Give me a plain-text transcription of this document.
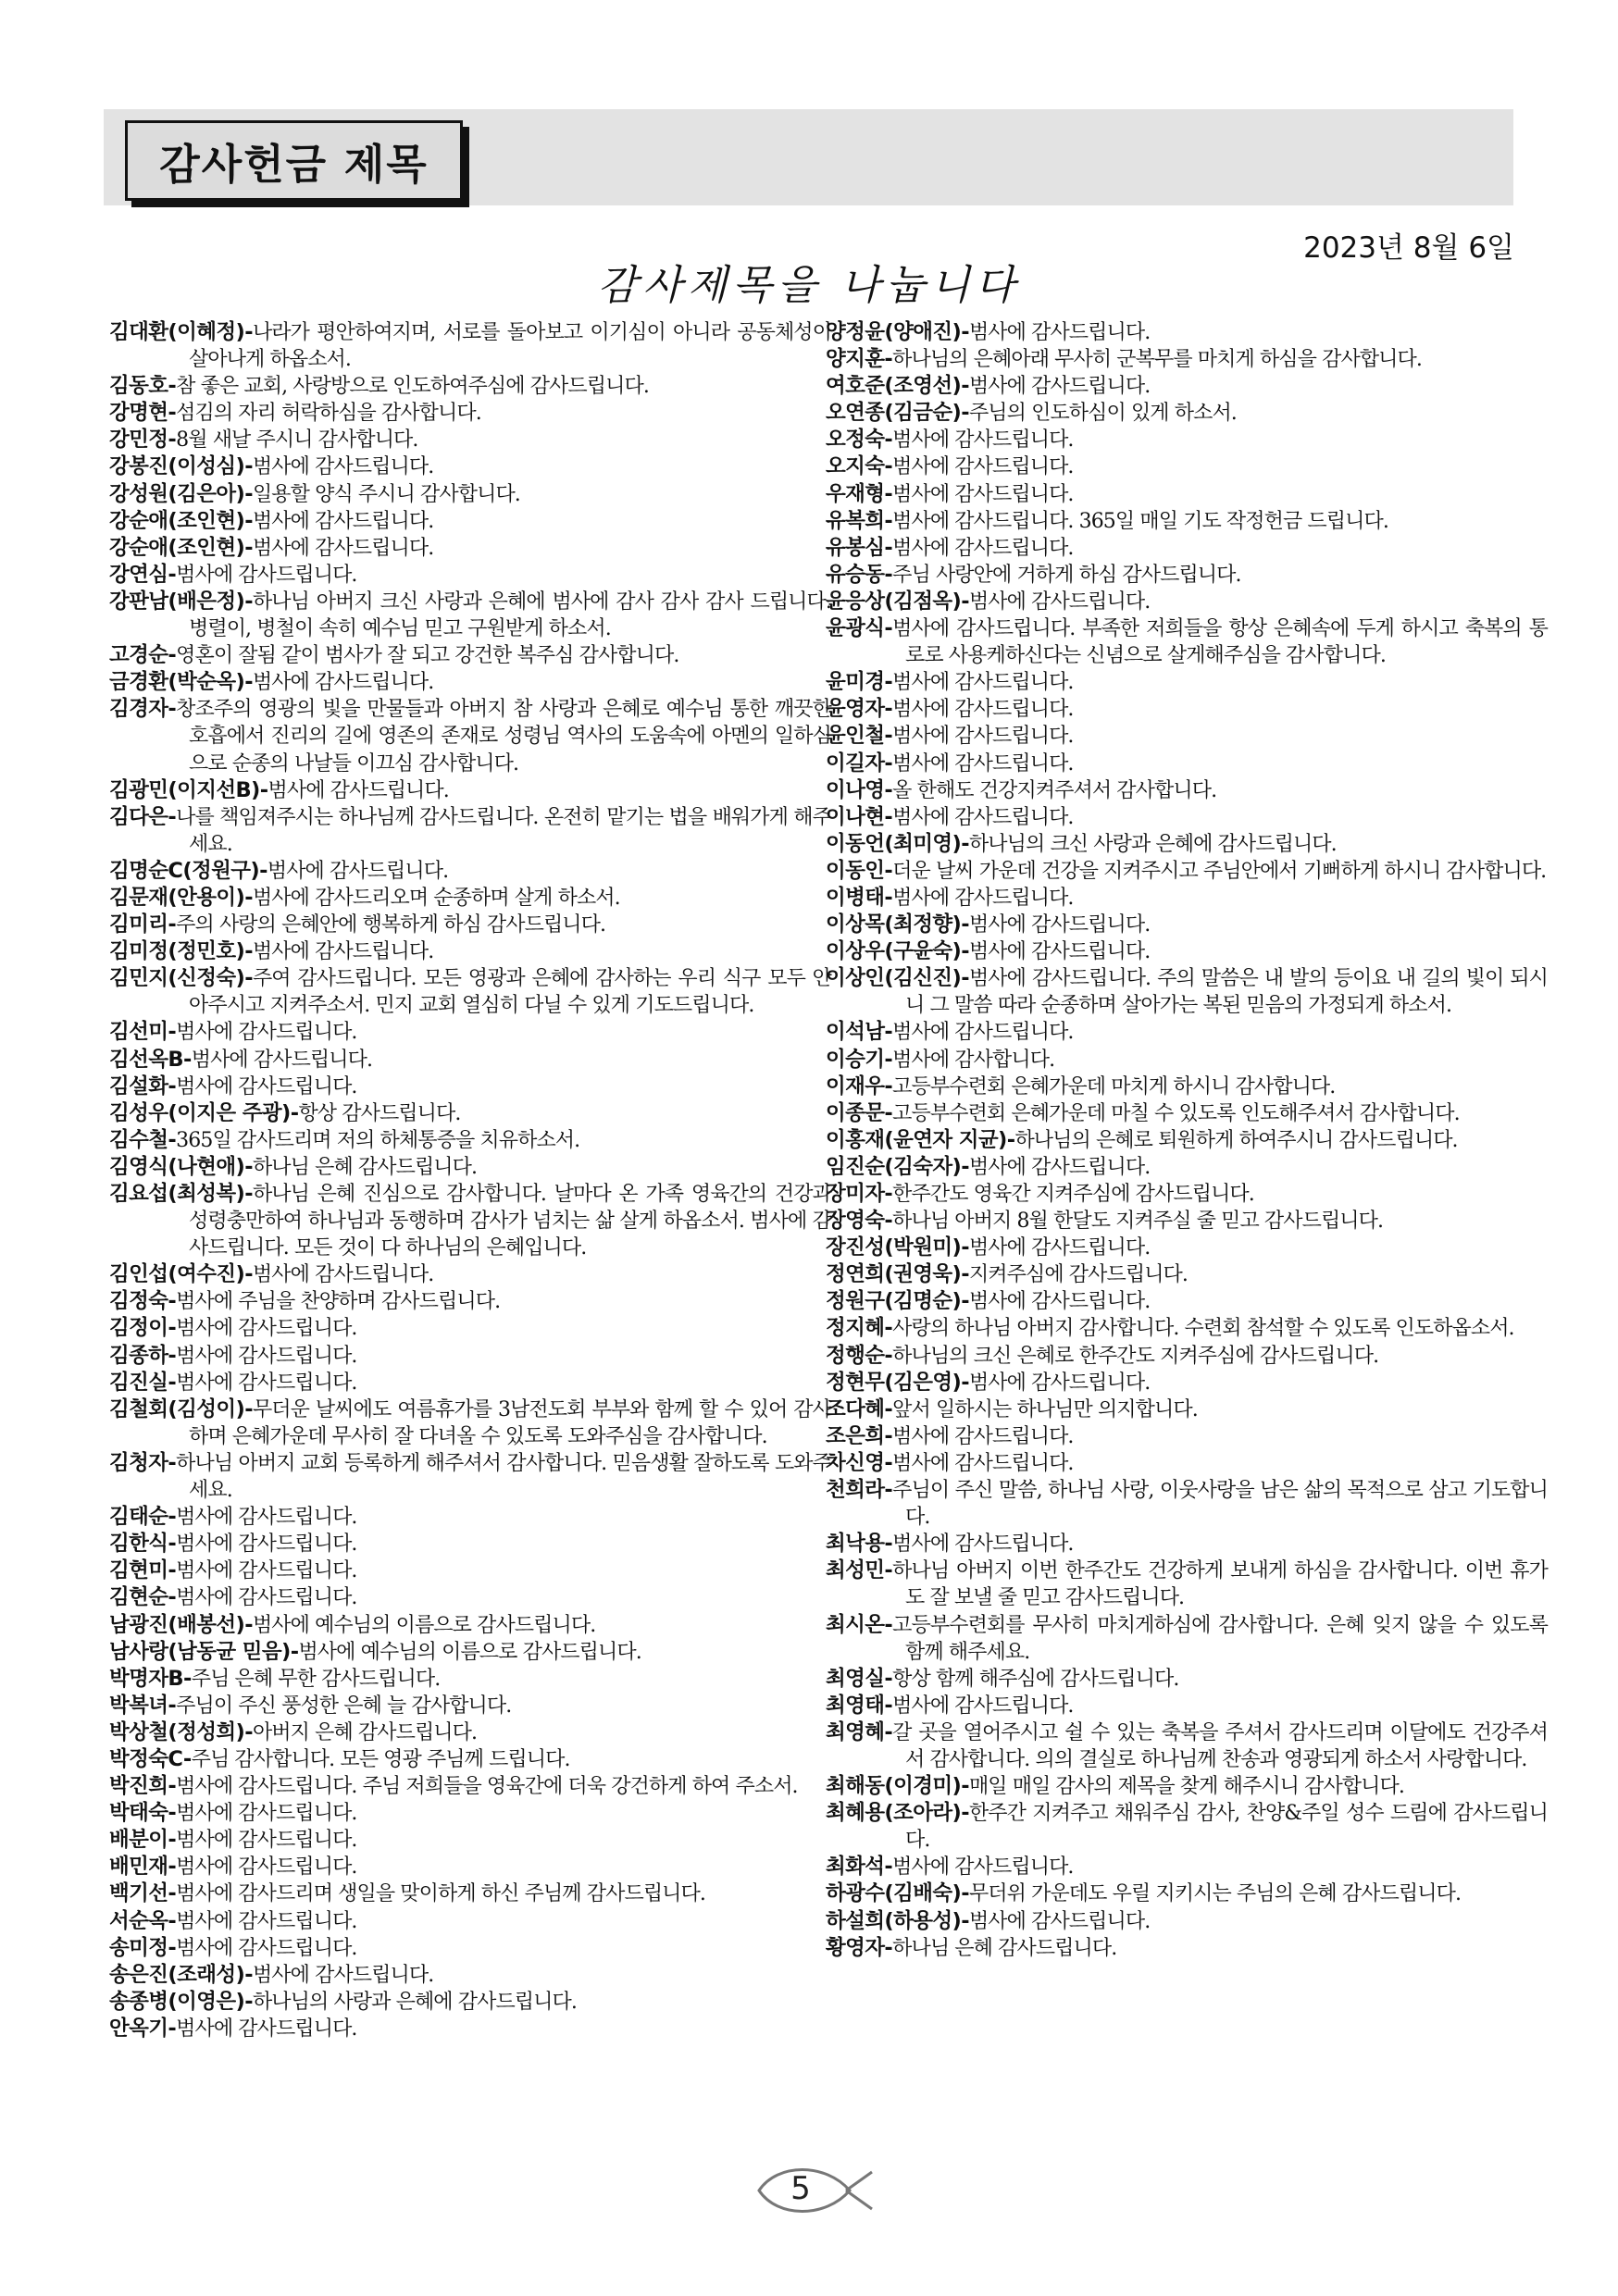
감사헌금 제목
2023년 8월 6일
감사제목을 나눕니다
김대환(이혜정)-나라가 평안하여지며, 서로를 돌아보고 이기심이 아니라 공동체성이 살아나게 하옵소서.
김동호-참 좋은 교회, 사랑방으로 인도하여주심에 감사드립니다.
강명현-섬김의 자리 허락하심을 감사합니다.
강민정-8월 새날 주시니 감사합니다.
강봉진(이성심)-범사에 감사드립니다.
강성원(김은아)-일용할 양식 주시니 감사합니다.
강순애(조인현)-범사에 감사드립니다.
강순애(조인현)-범사에 감사드립니다.
강연심-범사에 감사드립니다.
강판남(배은정)-하나님 아버지 크신 사랑과 은혜에 범사에 감사 감사 감사 드립니다. 병렬이, 병철이 속히 예수님 믿고 구원받게 하소서.
고경순-영혼이 잘됨 같이 범사가 잘 되고 강건한 복주심 감사합니다.
금경환(박순옥)-범사에 감사드립니다.
김경자-창조주의 영광의 빛을 만물들과 아버지 참 사랑과 은혜로 예수님 통한 깨끗한 호흡에서 진리의 길에 영존의 존재로 성령님 역사의 도움속에 아멘의 일하심으로 순종의 나날들 이끄심 감사합니다.
김광민(이지선B)-범사에 감사드립니다.
김다은-나를 책임져주시는 하나님께 감사드립니다. 온전히 맡기는 법을 배워가게 해주세요.
김명순C(정원구)-범사에 감사드립니다.
김문재(안용이)-범사에 감사드리오며 순종하며 살게 하소서.
김미리-주의 사랑의 은혜안에 행복하게 하심 감사드립니다.
김미정(정민호)-범사에 감사드립니다.
김민지(신정숙)-주여 감사드립니다. 모든 영광과 은혜에 감사하는 우리 식구 모두 안아주시고 지켜주소서. 민지 교회 열심히 다닐 수 있게 기도드립니다.
김선미-범사에 감사드립니다.
김선옥B-범사에 감사드립니다.
김설화-범사에 감사드립니다.
김성우(이지은 주광)-항상 감사드립니다.
김수철-365일 감사드리며 저의 하체통증을 치유하소서.
김영식(나현애)-하나님 은혜 감사드립니다.
김요섭(최성복)-하나님 은혜 진심으로 감사합니다. 날마다 온 가족 영육간의 건강과 성령충만하여 하나님과 동행하며 감사가 넘치는 삶 살게 하옵소서. 범사에 감사드립니다. 모든 것이 다 하나님의 은혜입니다.
김인섭(여수진)-범사에 감사드립니다.
김정숙-범사에 주님을 찬양하며 감사드립니다.
김정이-범사에 감사드립니다.
김종하-범사에 감사드립니다.
김진실-범사에 감사드립니다.
김철회(김성이)-무더운 날씨에도 여름휴가를 3남전도회 부부와 함께 할 수 있어 감사하며 은혜가운데 무사히 잘 다녀올 수 있도록 도와주심을 감사합니다.
김청자-하나님 아버지 교회 등록하게 해주셔서 감사합니다. 믿음생활 잘하도록 도와주세요.
김태순-범사에 감사드립니다.
김한식-범사에 감사드립니다.
김현미-범사에 감사드립니다.
김현순-범사에 감사드립니다.
남광진(배봉선)-범사에 예수님의 이름으로 감사드립니다.
남사랑(남동균 믿음)-범사에 예수님의 이름으로 감사드립니다.
박명자B-주님 은혜 무한 감사드립니다.
박복녀-주님이 주신 풍성한 은혜 늘 감사합니다.
박상철(정성희)-아버지 은혜 감사드립니다.
박정숙C-주님 감사합니다. 모든 영광 주님께 드립니다.
박진희-범사에 감사드립니다. 주님 저희들을 영육간에 더욱 강건하게 하여 주소서.
박태숙-범사에 감사드립니다.
배분이-범사에 감사드립니다.
배민재-범사에 감사드립니다.
백기선-범사에 감사드리며 생일을 맞이하게 하신 주님께 감사드립니다.
서순옥-범사에 감사드립니다.
송미정-범사에 감사드립니다.
송은진(조래성)-범사에 감사드립니다.
송종병(이영은)-하나님의 사랑과 은혜에 감사드립니다.
안옥기-범사에 감사드립니다.
양정윤(양애진)-범사에 감사드립니다.
양지훈-하나님의 은혜아래 무사히 군복무를 마치게 하심을 감사합니다.
여호준(조영선)-범사에 감사드립니다.
오연종(김금순)-주님의 인도하심이 있게 하소서.
오정숙-범사에 감사드립니다.
오지숙-범사에 감사드립니다.
우재형-범사에 감사드립니다.
유복희-범사에 감사드립니다. 365일 매일 기도 작정헌금 드립니다.
유봉심-범사에 감사드립니다.
유승동-주님 사랑안에 거하게 하심 감사드립니다.
윤응상(김점옥)-범사에 감사드립니다.
윤광식-범사에 감사드립니다. 부족한 저희들을 항상 은혜속에 두게 하시고 축복의 통로로 사용케하신다는 신념으로 살게해주심을 감사합니다.
윤미경-범사에 감사드립니다.
윤영자-범사에 감사드립니다.
윤인철-범사에 감사드립니다.
이길자-범사에 감사드립니다.
이나영-올 한해도 건강지켜주셔서 감사합니다.
이나현-범사에 감사드립니다.
이동언(최미영)-하나님의 크신 사랑과 은혜에 감사드립니다.
이동인-더운 날씨 가운데 건강을 지켜주시고 주님안에서 기뻐하게 하시니 감사합니다.
이병태-범사에 감사드립니다.
이상목(최정향)-범사에 감사드립니다.
이상우(구윤숙)-범사에 감사드립니다.
이상인(김신진)-범사에 감사드립니다. 주의 말씀은 내 발의 등이요 내 길의 빛이 되시니 그 말씀 따라 순종하며 살아가는 복된 믿음의 가정되게 하소서.
이석남-범사에 감사드립니다.
이승기-범사에 감사합니다.
이재우-고등부수련회 은혜가운데 마치게 하시니 감사합니다.
이종문-고등부수련회 은혜가운데 마칠 수 있도록 인도해주셔서 감사합니다.
이홍재(윤연자 지균)-하나님의 은혜로 퇴원하게 하여주시니 감사드립니다.
임진순(김숙자)-범사에 감사드립니다.
장미자-한주간도 영육간 지켜주심에 감사드립니다.
장영숙-하나님 아버지 8월 한달도 지켜주실 줄 믿고 감사드립니다.
장진성(박원미)-범사에 감사드립니다.
정연희(권영욱)-지켜주심에 감사드립니다.
정원구(김명순)-범사에 감사드립니다.
정지혜-사랑의 하나님 아버지 감사합니다. 수련회 참석할 수 있도록 인도하옵소서.
정행순-하나님의 크신 은혜로 한주간도 지켜주심에 감사드립니다.
정현무(김은영)-범사에 감사드립니다.
조다혜-앞서 일하시는 하나님만 의지합니다.
조은희-범사에 감사드립니다.
차신영-범사에 감사드립니다.
천희라-주님이 주신 말씀, 하나님 사랑, 이웃사랑을 남은 삶의 목적으로 삼고 기도합니다.
최낙용-범사에 감사드립니다.
최성민-하나님 아버지 이번 한주간도 건강하게 보내게 하심을 감사합니다. 이번 휴가도 잘 보낼 줄 믿고 감사드립니다.
최시온-고등부수련회를 무사히 마치게하심에 감사합니다. 은혜 잊지 않을 수 있도록 함께 해주세요.
최영실-항상 함께 해주심에 감사드립니다.
최영태-범사에 감사드립니다.
최영혜-갈 곳을 열어주시고 쉴 수 있는 축복을 주셔서 감사드리며 이달에도 건강주셔서 감사합니다. 의의 결실로 하나님께 찬송과 영광되게 하소서 사랑합니다.
최해동(이경미)-매일 매일 감사의 제목을 찾게 해주시니 감사합니다.
최혜용(조아라)-한주간 지켜주고 채워주심 감사, 찬양&주일 성수 드림에 감사드립니다.
최화석-범사에 감사드립니다.
하광수(김배숙)-무더위 가운데도 우릴 지키시는 주님의 은혜 감사드립니다.
하설희(하용성)-범사에 감사드립니다.
황영자-하나님 은혜 감사드립니다.
5
